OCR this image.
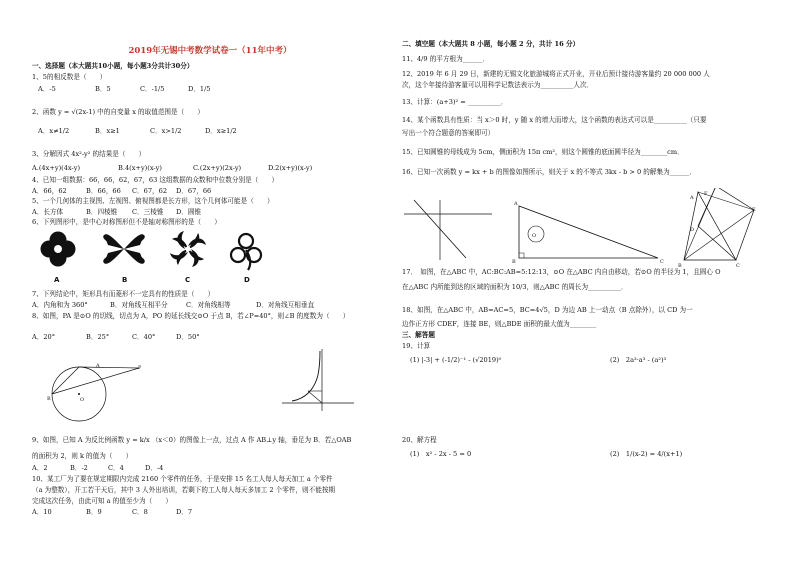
2019年无锡中考数学试卷一（11年中考）
一、选择题（本大题共10小题，每小题3分共计30分）
1、5的相反数是（　　）
A．-5	B．5	C．-1/5	D．1/5
2、函数 y = √(2x-1) 中的自变量 x 的取值范围是（　　）
A．x≠1/2	B．x≥1	C．x>1/2	D．x≥1/2
3、分解因式 4x²-y² 的结果是（　　）
A.(4x+y)(4x-y)	B.4(x+y)(x-y)	C.(2x+y)(2x-y)	D.2(x+y)(x-y)
4、已知一组数据：66，66，62，67，63 这组数据的众数和中位数分别是（　　）
A．66，62	B．66，66 C．67，62 D．67，66
5、一个几何体的主视图、左视图、俯视图都是长方形，这个几何体可能是（　　）
A．长方体	B．四棱锥 C．三棱锥 D．圆锥
6、下列图形中，是中心对称图形但不是轴对称图形的是（　　）
A	B	C	D
7、下列结论中，矩形具有而菱形不一定具有的性质是（　　）
A．内角和为 360°	B．对角线互相平分	C．对角线相等	D．对角线互相垂直
8、如图，PA 是⊙O 的切线，切点为 A，PO 的延长线交⊙O 于点 B，若∠P=40°，则∠B 的度数为（　　）
A．20°	B．25°	C．40°	D．50°
A	P
O
B
9、如图，已知 A 为反比例函数 y = k/x （x＜0）的图像上一点，过点 A 作 AB⊥y 轴，垂足为 B．若△OAB
的面积为 2，则 k 的值为（　　）
A．2	B．-2	C．4	D．-4
10、某工厂为了要在规定期限内完成 2160 个零件的任务，于是安排 15 名工人每人每天加工 a 个零件
（a 为整数），开工若干天后，其中 3 人外出培训，若剩下的工人每人每天多加工 2 个零件，则不能按期
完成这次任务，由此可知 a 的值至少为（　　）
A．10	B．9	C．8	D．7
二、填空题（本大题共 8 小题，每小题 2 分，共计 16 分）
11、4/9 的平方根为______．
12、2019 年 6 月 29 日，新建的无锡文化旅游城将正式开业，开业后预计接待游客量约 20 000 000 人
次，这个年接待游客量可以用科学记数法表示为__________人次．
13、计算：(a+3)² = __________．
14、某个函数具有性质：当 x＞0 时，y 随 x 的增大而增大，这个函数的表达式可以是__________（只要
写出一个符合题意的答案即可）
15、已知圆锥的母线成为 5cm，侧面积为 15π cm²，则这个圆锥的底面圆半径为________cm．
16、已知一次函数 y = kx + b 的图像如图所示，则关于 x 的不等式 3kx - b > 0 的解集为______．
A
O
B	C
F
E
A
D
B	C
17．　如图，在△ABC 中，AC:BC:AB=5:12:13，⊙O 在△ABC 内自由移动，若⊙O 的半径为 1，且圆心 O
在△ABC 内所能到达的区域的面积为 10/3，则△ABC 的周长为__________．
18、如图，在△ABC 中，AB=AC=5，BC=4√5，D 为边 AB 上一动点（B 点除外），以 CD 为一
边作正方形 CDEF，连接 BE，则△BDE 面积的最大值为________
三、解答题
19、计算
(1) |-3| + (-1/2)⁻¹ - (√2019)⁰	(2)　2a³·a³ - (a²)³
20、解方程
(1)　x² - 2x - 5 = 0	(2)　1/(x-2) = 4/(x+1)
